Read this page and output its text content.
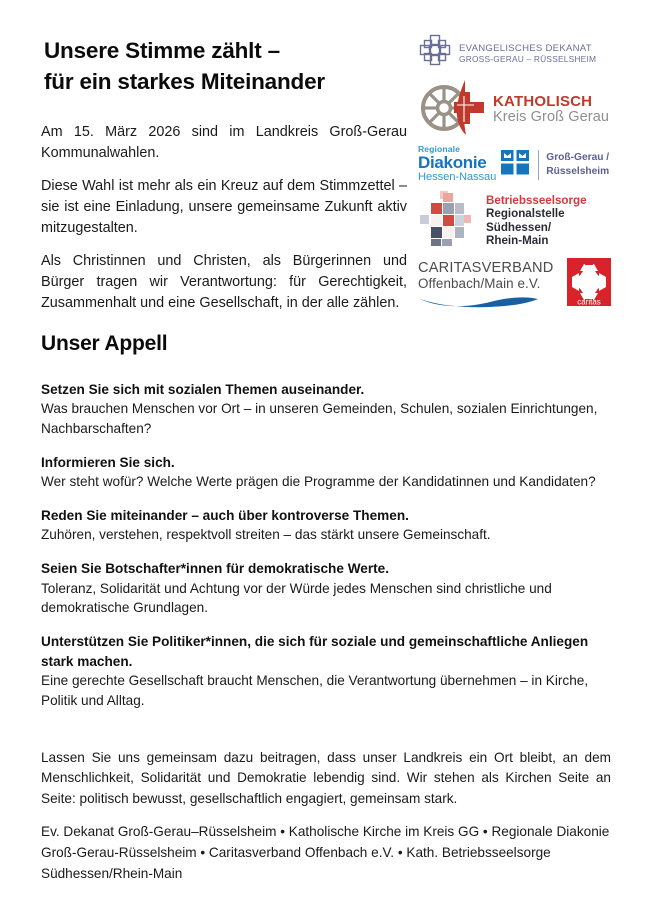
Unsere Stimme zählt –
für ein starkes Miteinander

Am 15. März 2026 sind im Landkreis Groß-Gerau Kommunalwahlen.

Diese Wahl ist mehr als ein Kreuz auf dem Stimmzettel – sie ist eine Einladung, unsere gemeinsame Zukunft aktiv mitzugestalten.

Als Christinnen und Christen, als Bürgerinnen und Bürger tragen wir Verantwortung: für Gerechtigkeit, Zusammenhalt und eine Gesellschaft, in der alle zählen.

EVANGELISCHES DEKANAT
GROSS-GERAU – RÜSSELSHEIM
KATHOLISCH
Kreis Groß Gerau
Regionale
Diakonie
Hessen-Nassau
Groß-Gerau /
Rüsselsheim
Betriebsseelsorge
Regionalstelle
Südhessen/
Rhein-Main
CARITASVERBAND
Offenbach/Main e.V.
caritas
Unser Appell
Setzen Sie sich mit sozialen Themen auseinander.
Was brauchen Menschen vor Ort – in unseren Gemeinden, Schulen, sozialen Einrichtungen, Nachbarschaften?
Informieren Sie sich.
Wer steht wofür? Welche Werte prägen die Programme der Kandidatinnen und Kandidaten?
Reden Sie miteinander – auch über kontroverse Themen.
Zuhören, verstehen, respektvoll streiten – das stärkt unsere Gemeinschaft.
Seien Sie Botschafter*innen für demokratische Werte.
Toleranz, Solidarität und Achtung vor der Würde jedes Menschen sind christliche und demokratische Grundlagen.
Unterstützen Sie Politiker*innen, die sich für soziale und gemeinschaftliche Anliegen stark machen.
Eine gerechte Gesellschaft braucht Menschen, die Verantwortung übernehmen – in Kirche, Politik und Alltag.
Lassen Sie uns gemeinsam dazu beitragen, dass unser Landkreis ein Ort bleibt, an dem Menschlichkeit, Solidarität und Demokratie lebendig sind. Wir stehen als Kirchen Seite an Seite: politisch bewusst, gesellschaftlich engagiert, gemeinsam stark.
Ev. Dekanat Groß-Gerau–Rüsselsheim • Katholische Kirche im Kreis GG • Regionale Diakonie Groß-Gerau-Rüsselsheim • Caritasverband Offenbach e.V. • Kath. Betriebsseelsorge Südhessen/Rhein-Main
